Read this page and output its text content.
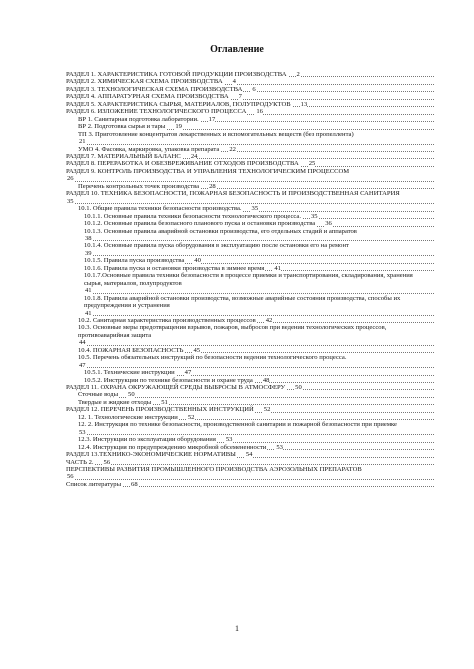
Оглавление
РАЗДЕЛ 1. ХАРАКТЕРИСТИКА ГОТОВОЙ ПРОДУКЦИИ ПРОИЗВОДСТВА 2
РАЗДЕЛ 2. ХИМИЧЕСКАЯ СХЕМА ПРОИЗВОДСТВА 4
РАЗДЕЛ 3. ТЕХНОЛОГИЧЕСКАЯ СХЕМА ПРОИЗВОДСТВА 6
РАЗДЕЛ 4. АППАРАТУРНАЯ СХЕМА ПРОИЗВОДСТВА 7
РАЗДЕЛ 5. ХАРАКТЕРИСТИКА СЫРЬЯ, МАТЕРИАЛОВ, ПОЛУПРОДУКТОВ 13
РАЗДЕЛ 6. ИЗЛОЖЕНИЕ ТЕХНОЛОГИЧЕСКОГО ПРОЦЕССА 16
ВР 1. Санитарная подготовка лаборатории. 17
ВР 2. Подготовка сырья и тары 19
ТП 3. Приготовление концентратов лекарственных и вспомогательных веществ (без пропеллента)
21
УМО 4. Фасовка, маркировка, упаковка препарата 22
РАЗДЕЛ 7. МАТЕРИАЛЬНЫЙ БАЛАНС 24
РАЗДЕЛ 8. ПЕРЕРАБОТКА И ОБЕЗВРЕЖИВАНИЕ ОТХОДОВ ПРОИЗВОДСТВА 25
РАЗДЕЛ 9. КОНТРОЛЬ ПРОИЗВОДСТВА И УПРАВЛЕНИЯ ТЕХНОЛОГИЧЕСКИМ ПРОЦЕССОМ
26
Перечень контрольных точек производства 28
РАЗДЕЛ 10. ТЕХНИКА БЕЗОПАСНОСТИ, ПОЖАРНАЯ БЕЗОПАСНОСТЬ И ПРОИЗВОДСТВЕННАЯ САНИТАРИЯ
35
10.1. Общие правила техники безопасности производства. 35
10.1.1. Основные правила техники безопасности технологического процесса. 35
10.1.2. Основные правила безопасного планового пуска и остановки производства 36
10.1.3. Основные правила аварийной остановки производства, его отдельных стадий и аппаратов
38
10.1.4. Основные правила пуска оборудования в эксплуатацию после остановки его на ремонт
39
10.1.5. Правила пуска производства 40
10.1.6. Правила пуска и остановки производства в зимнее время 41
10.1.7.Основные правила техники безопасности в процессе приемки и транспортирования, складирования, хранения сырья, материалов, полупродуктов
41
10.1.8. Правила аварийной остановки производства, возможные аварийные состояния производства, способы их предупреждения и устранения
41
10.2. Санитарная характеристика производственных процессов 42
10.3. Основные меры предотвращения взрывов, пожаров, выбросов при ведении технологических процессов, противоаварийная защита
44
10.4. ПОЖАРНАЯ БЕЗОПАСНОСТЬ 45
10.5. Перечень обязательных инструкций по безопасности ведения технологического процесса.
47
10.5.1. Технические инструкции 47
10.5.2. Инструкции по технике безопасности и охране труда 48
РАЗДЕЛ 11. ОХРАНА ОКРУЖАЮЩЕЙ СРЕДЫ ВЫБРОСЫ В АТМОСФЕРУ 50
Сточные воды 50
Твердые и жидкие отходы 51
РАЗДЕЛ 12. ПЕРЕЧЕНЬ ПРОИЗВОДСТВЕННЫХ ИНСТРУКЦИЙ 52
12. 1. Технологические инструкции 52
12. 2. Инструкция по технике безопасности, производственной санитарии и пожарной безопасности при приемке
53
12.3. Инструкции по эксплуатации оборудования 53
12.4. Инструкция по предупреждению микробной обсемененности 53
РАЗДЕЛ 13.ТЕХНИКО-ЭКОНОМИЧЕСКИЕ НОРМАТИВЫ 54
ЧАСТЬ 2. 56
ПЕРСПЕКТИВЫ РАЗВИТИЯ ПРОМЫШЛЕННОГО ПРОИЗВОДСТВА АЭРОЗОЛЬНЫХ ПРЕПАРАТОВ
56
Список литературы 68
1
